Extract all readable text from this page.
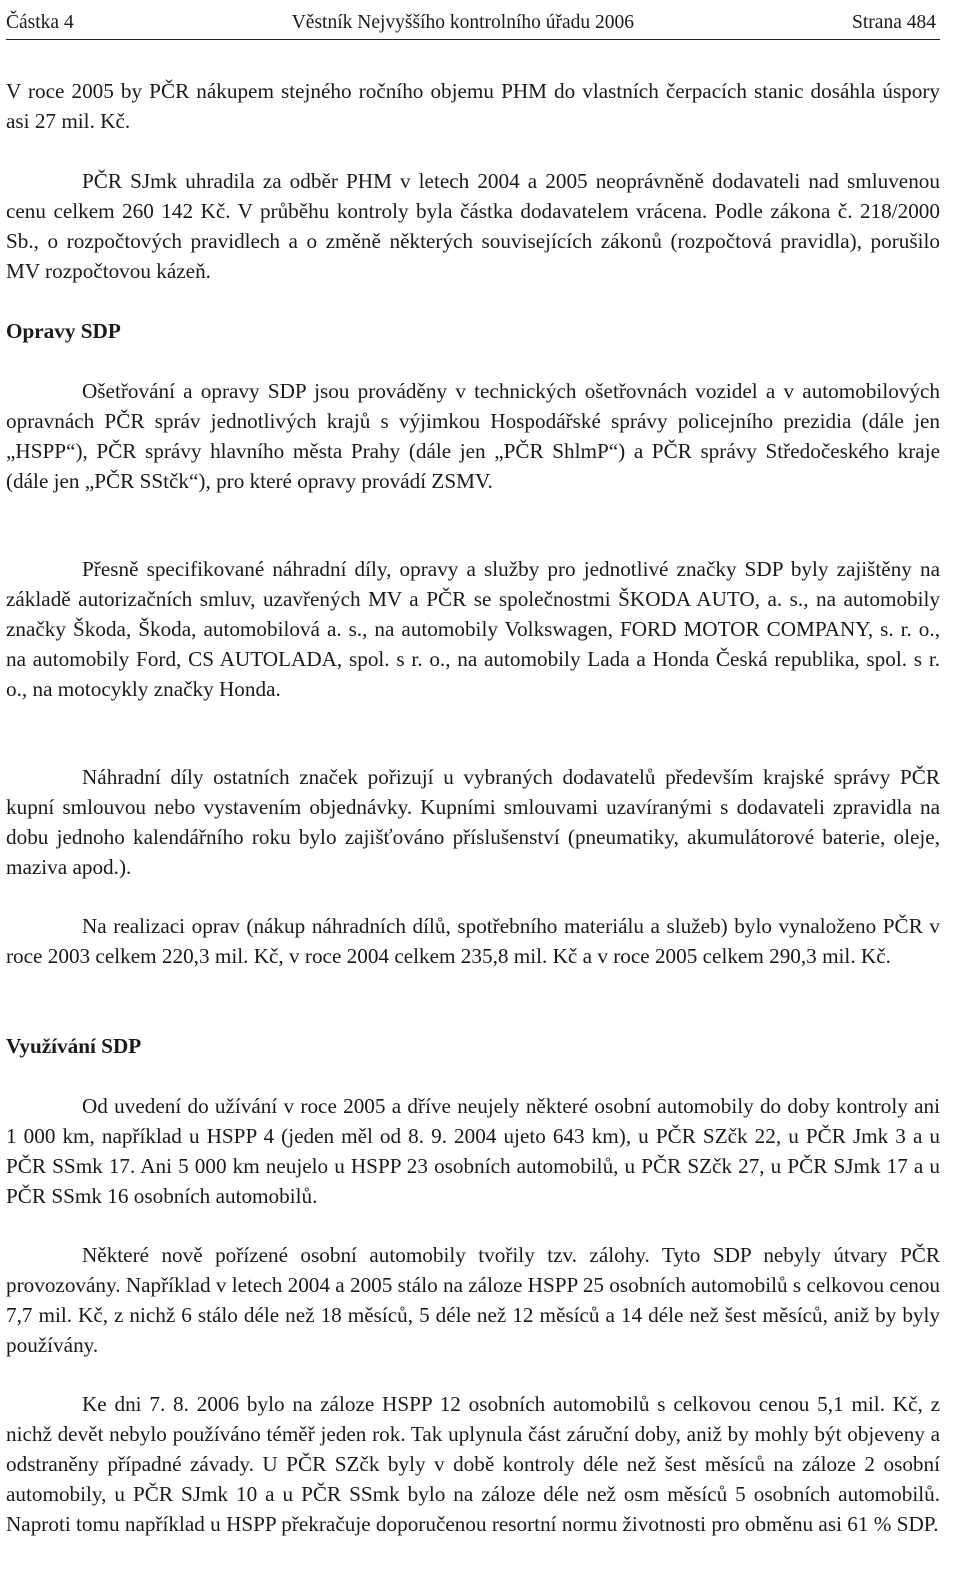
Částka 4	Věstník Nejvyššího kontrolního úřadu 2006	Strana 484

V roce 2005 by PČR nákupem stejného ročního objemu PHM do vlastních čerpacích stanic dosáhla úspory asi 27 mil. Kč.

PČR SJmk uhradila za odběr PHM v letech 2004 a 2005 neoprávněně dodavateli nad smluvenou cenu celkem 260 142 Kč. V průběhu kontroly byla částka dodavatelem vrácena. Podle zákona č. 218/2000 Sb., o rozpočtových pravidlech a o změně některých souvisejících zákonů (rozpočtová pravidla), porušilo MV rozpočtovou kázeň.

Opravy SDP

Ošetřování a opravy SDP jsou prováděny v technických ošetřovnách vozidel a v automobilových opravnách PČR správ jednotlivých krajů s výjimkou Hospodářské správy policejního prezidia (dále jen „HSPP“), PČR správy hlavního města Prahy (dále jen „PČR ShlmP“) a PČR správy Středočeského kraje (dále jen „PČR SStčk“), pro které opravy provádí ZSMV.

Přesně specifikované náhradní díly, opravy a služby pro jednotlivé značky SDP byly zajištěny na základě autorizačních smluv, uzavřených MV a PČR se společnostmi ŠKODA AUTO, a. s., na automobily značky Škoda, Škoda, automobilová a. s., na automobily Volkswagen, FORD MOTOR COMPANY, s. r. o., na automobily Ford, CS AUTOLADA, spol. s r. o., na automobily Lada a Honda Česká republika, spol. s r. o., na motocykly značky Honda.

Náhradní díly ostatních značek pořizují u vybraných dodavatelů především krajské správy PČR kupní smlouvou nebo vystavením objednávky. Kupními smlouvami uzavíranými s dodavateli zpravidla na dobu jednoho kalendářního roku bylo zajišťováno příslušenství (pneumatiky, akumulátorové baterie, oleje, maziva apod.).

Na realizaci oprav (nákup náhradních dílů, spotřebního materiálu a služeb) bylo vynaloženo PČR v roce 2003 celkem 220,3 mil. Kč, v roce 2004 celkem 235,8 mil. Kč a v roce 2005 celkem 290,3 mil. Kč.

Využívání SDP

Od uvedení do užívání v roce 2005 a dříve neujely některé osobní automobily do doby kontroly ani 1 000 km, například u HSPP 4 (jeden měl od 8. 9. 2004 ujeto 643 km), u PČR SZčk 22, u PČR Jmk 3 a u PČR SSmk 17. Ani 5 000 km neujelo u HSPP 23 osobních automobilů, u PČR SZčk 27, u PČR SJmk 17 a u PČR SSmk 16 osobních automobilů.

Některé nově pořízené osobní automobily tvořily tzv. zálohy. Tyto SDP nebyly útvary PČR provozovány. Například v letech 2004 a 2005 stálo na záloze HSPP 25 osobních automobilů s celkovou cenou 7,7 mil. Kč, z nichž 6 stálo déle než 18 měsíců, 5 déle než 12 měsíců a 14 déle než šest měsíců, aniž by byly používány.

Ke dni 7. 8. 2006 bylo na záloze HSPP 12 osobních automobilů s celkovou cenou 5,1 mil. Kč, z nichž devět nebylo používáno téměř jeden rok. Tak uplynula část záruční doby, aniž by mohly být objeveny a odstraněny případné závady. U PČR SZčk byly v době kontroly déle než šest měsíců na záloze 2 osobní automobily, u PČR SJmk 10 a u PČR SSmk bylo na záloze déle než osm měsíců 5 osobních automobilů. Naproti tomu například u HSPP překračuje doporučenou resortní normu životnosti pro obměnu asi 61 % SDP.
